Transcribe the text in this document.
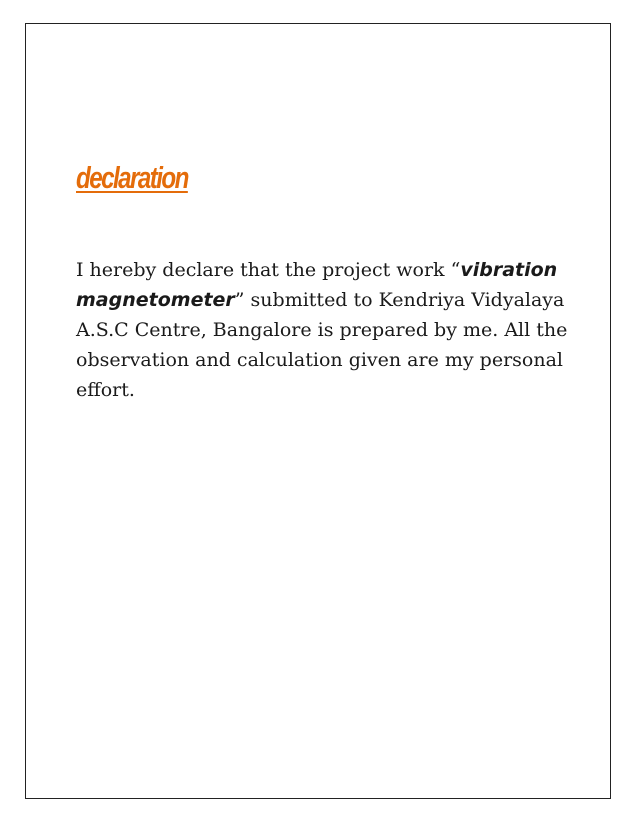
declaration

I hereby declare that the project work “vibration magnetometer” submitted to Kendriya Vidyalaya A.S.C Centre, Bangalore is prepared by me. All the observation and calculation given are my personal effort.
